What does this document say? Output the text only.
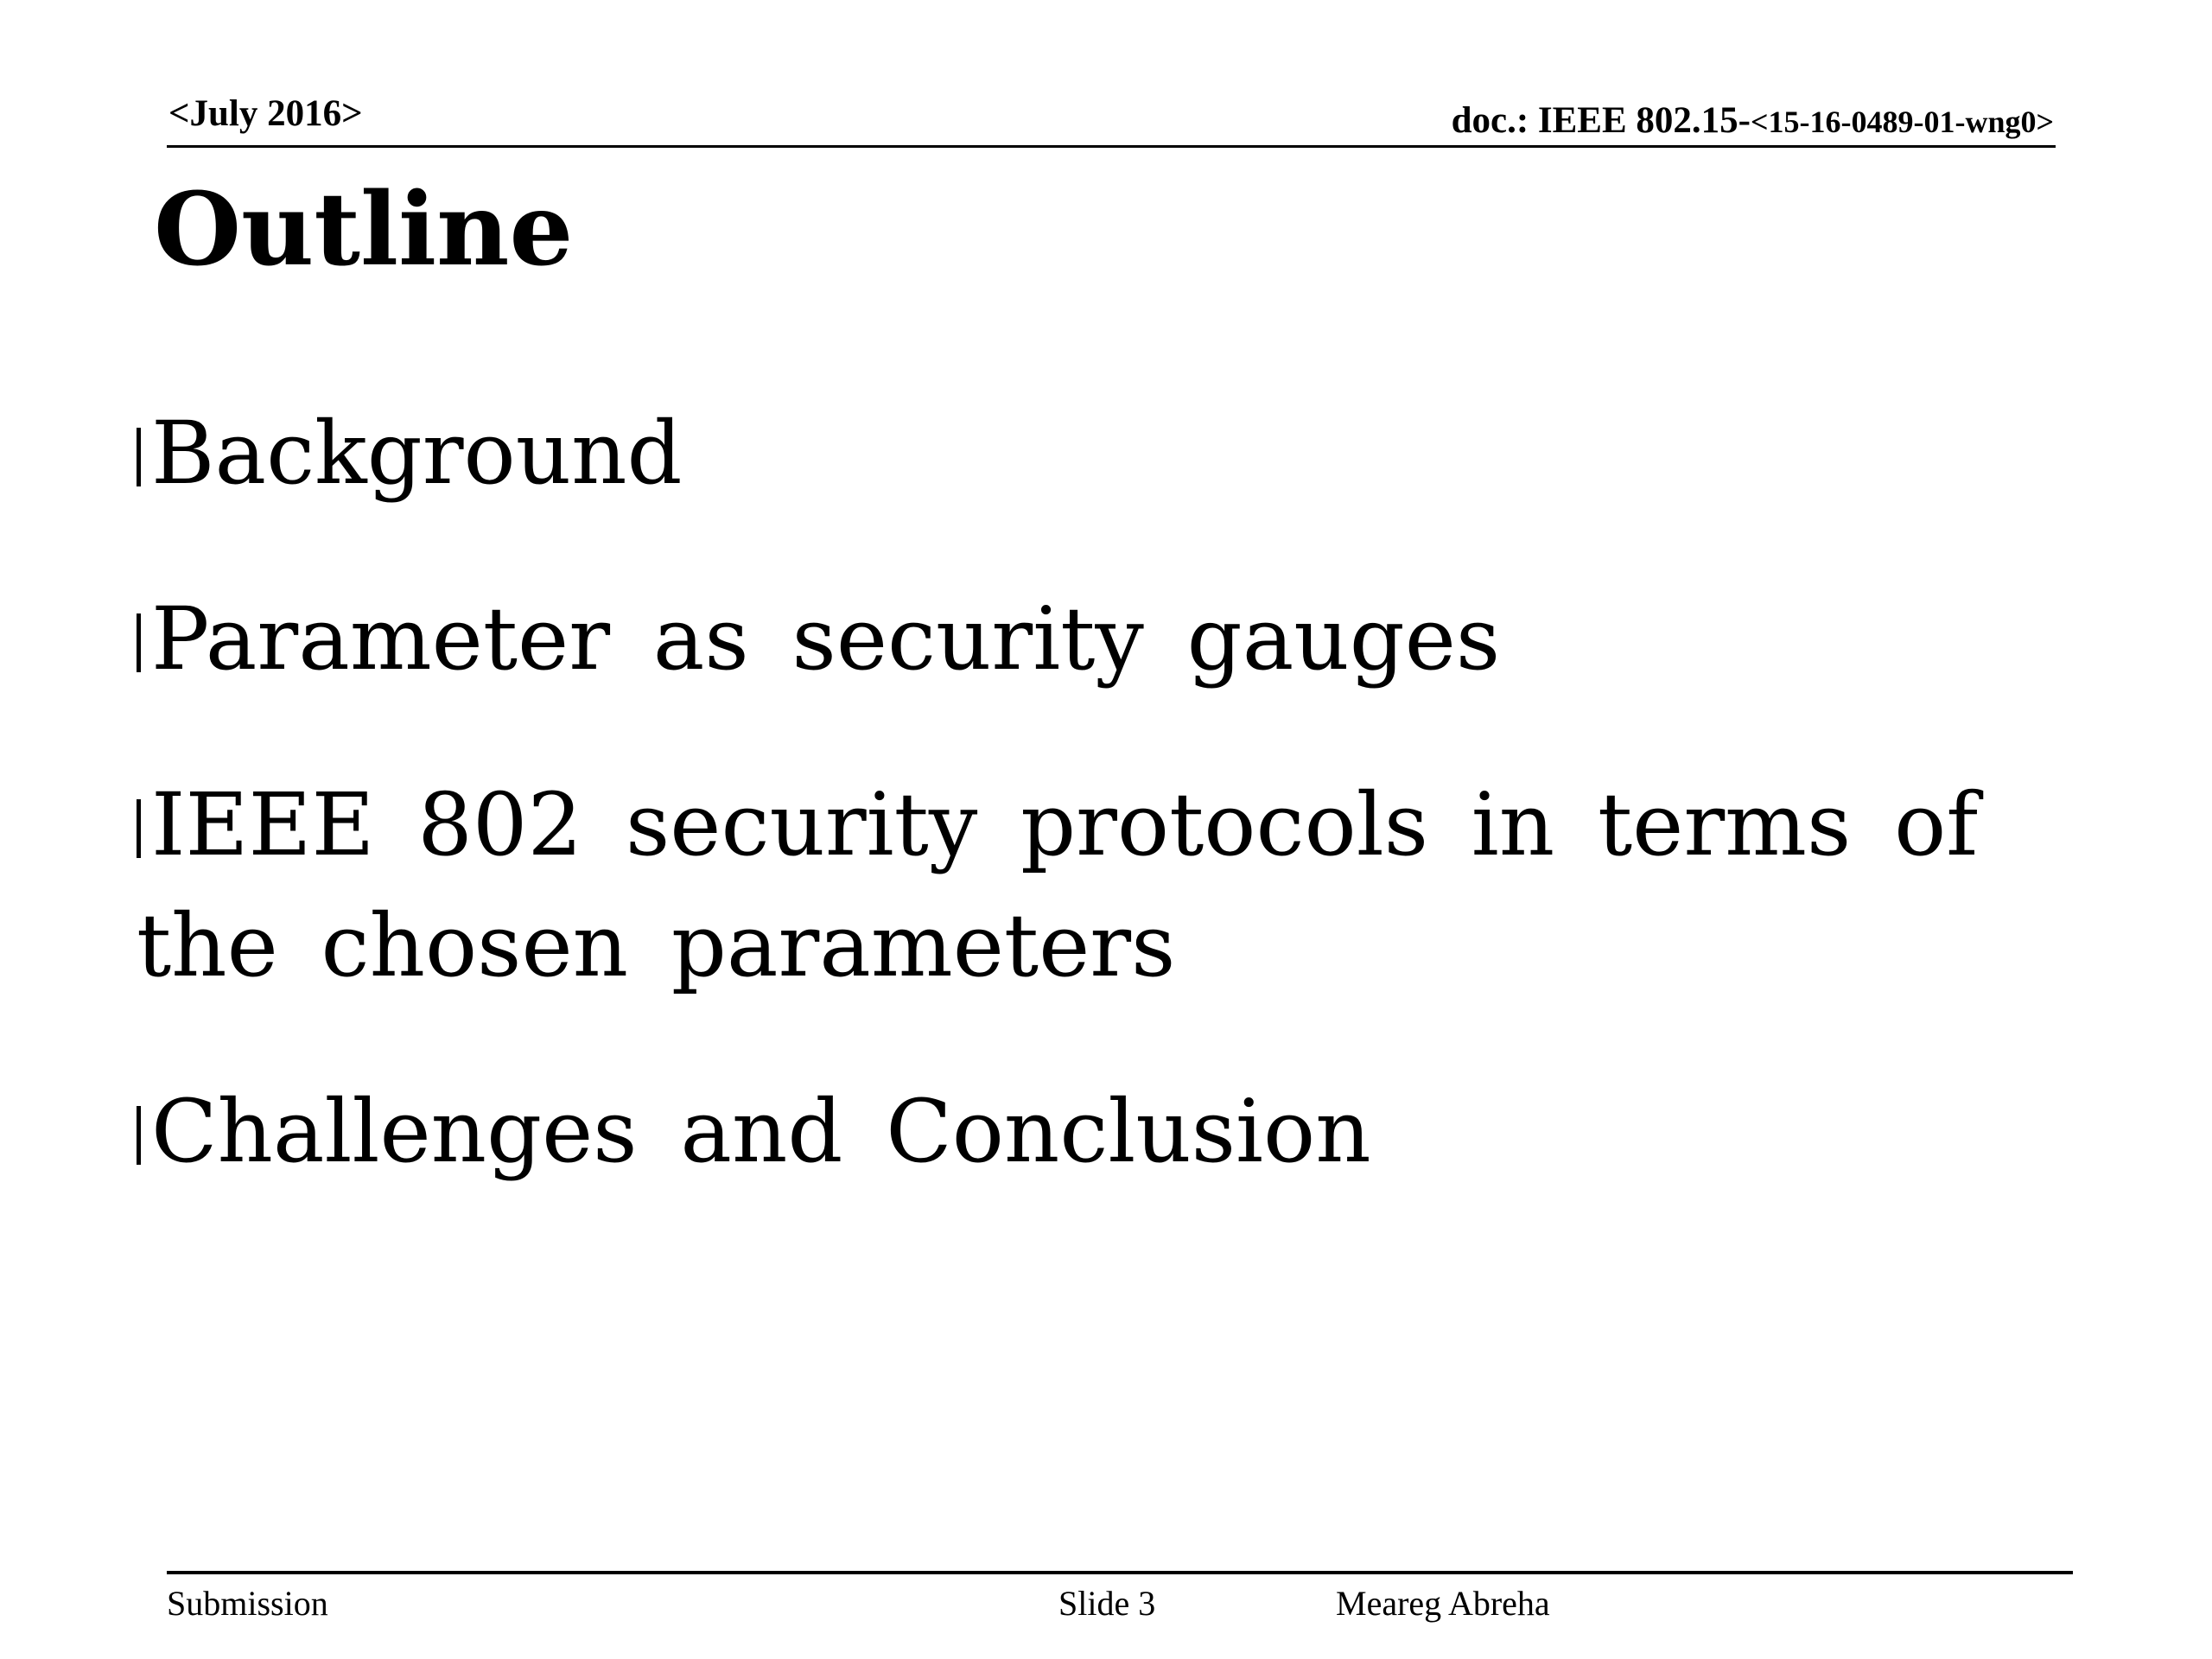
<July 2016>	doc.: IEEE 802.15-<15-16-0489-01-wng0>
Outline
Background
Parameter as security gauges
IEEE 802 security protocols in terms of the chosen parameters
Challenges and Conclusion
Submission	Slide 3	Meareg Abreha
